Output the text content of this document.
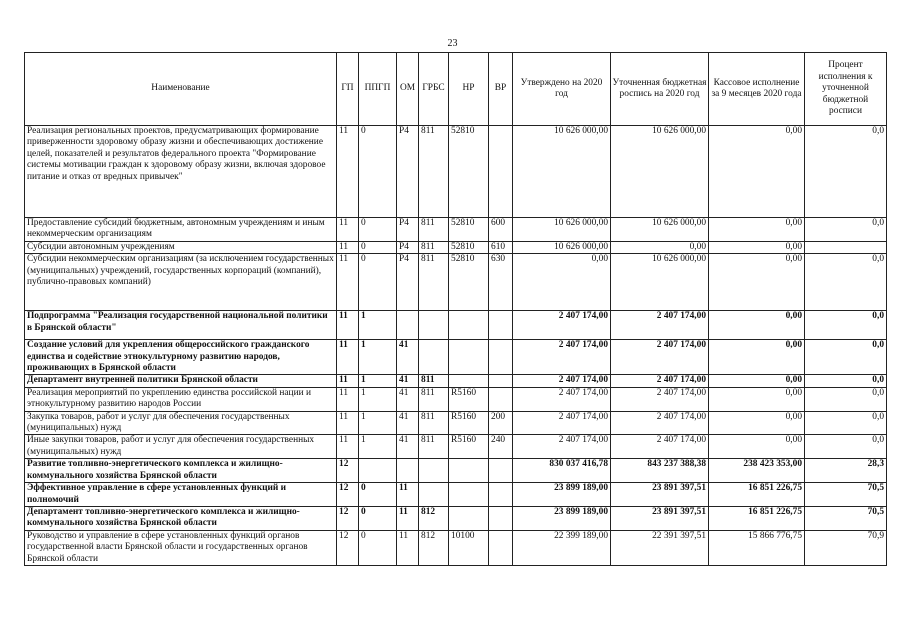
23
Наименование	ГП	ППГП	ОМ	ГРБС	НР	ВР	Утверждено на 2020 год	Уточненная бюджетная роспись на 2020 год	Кассовое исполнение за 9 месяцев 2020 года	Процент исполнения к уточненной бюджетной росписи
Реализация региональных проектов, предусматривающих формирование приверженности здоровому образу жизни и обеспечивающих достижение целей, показателей и результатов федерального проекта "Формирование системы мотивации граждан к здоровому образу жизни, включая здоровое питание и отказ от вредных привычек"	11	0	Р4	811	52810		10 626 000,00	10 626 000,00	0,00	0,0
Предоставление субсидий бюджетным, автономным учреждениям и иным некоммерческим организациям	11	0	Р4	811	52810	600	10 626 000,00	10 626 000,00	0,00	0,0
Субсидии автономным учреждениям	11	0	Р4	811	52810	610	10 626 000,00	0,00	0,00	
Субсидии некоммерческим организациям (за исключением государственных (муниципальных) учреждений, государственных корпораций (компаний), публично-правовых компаний)	11	0	Р4	811	52810	630	0,00	10 626 000,00	0,00	0,0
Подпрограмма "Реализация государственной национальной политики в Брянской области"	11	1					2 407 174,00	2 407 174,00	0,00	0,0
Создание условий для укрепления общероссийского гражданского единства и содействие этнокультурному развитию народов, проживающих в Брянской области	11	1	41				2 407 174,00	2 407 174,00	0,00	0,0
Департамент внутренней политики Брянской области	11	1	41	811			2 407 174,00	2 407 174,00	0,00	0,0
Реализация мероприятий по укреплению единства российской нации и этнокультурному развитию народов России	11	1	41	811	R5160		2 407 174,00	2 407 174,00	0,00	0,0
Закупка товаров, работ и услуг для обеспечения государственных (муниципальных) нужд	11	1	41	811	R5160	200	2 407 174,00	2 407 174,00	0,00	0,0
Иные закупки товаров, работ и услуг для обеспечения государственных (муниципальных) нужд	11	1	41	811	R5160	240	2 407 174,00	2 407 174,00	0,00	0,0
Развитие топливно-энергетического комплекса и жилищно-коммунального хозяйства Брянской области	12						830 037 416,78	843 237 388,38	238 423 353,00	28,3
Эффективное управление в сфере установленных функций и полномочий	12	0	11				23 899 189,00	23 891 397,51	16 851 226,75	70,5
Департамент топливно-энергетического комплекса и жилищно-коммунального хозяйства Брянской области	12	0	11	812			23 899 189,00	23 891 397,51	16 851 226,75	70,5
Руководство и управление в сфере установленных функций органов государственной власти Брянской области и государственных органов Брянской области	12	0	11	812	10100		22 399 189,00	22 391 397,51	15 866 776,75	70,9
